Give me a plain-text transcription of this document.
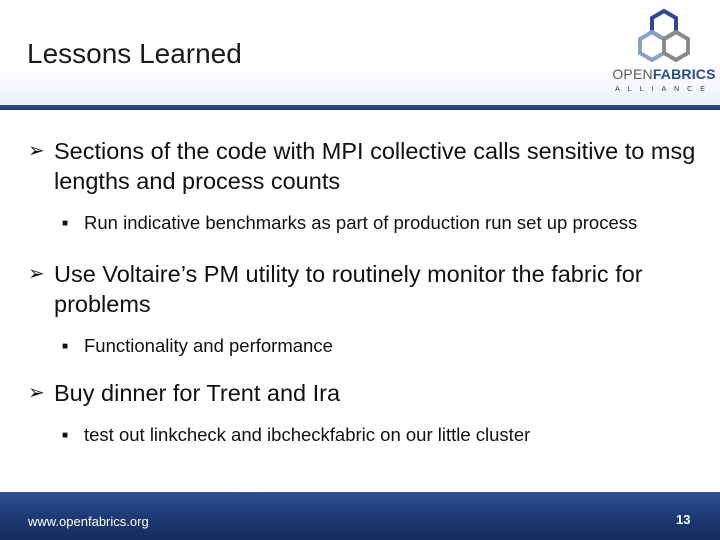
Lessons Learned
OPENFABRICS
ALLIANCE
➢ Sections of the code with MPI collective calls sensitive to msg lengths and process counts
■ Run indicative benchmarks as part of production run set up process
➢ Use Voltaire’s PM utility to routinely monitor the fabric for problems
■ Functionality and performance
➢ Buy dinner for Trent and Ira
■ test out linkcheck and ibcheckfabric on our little cluster
www.openfabrics.org	13
